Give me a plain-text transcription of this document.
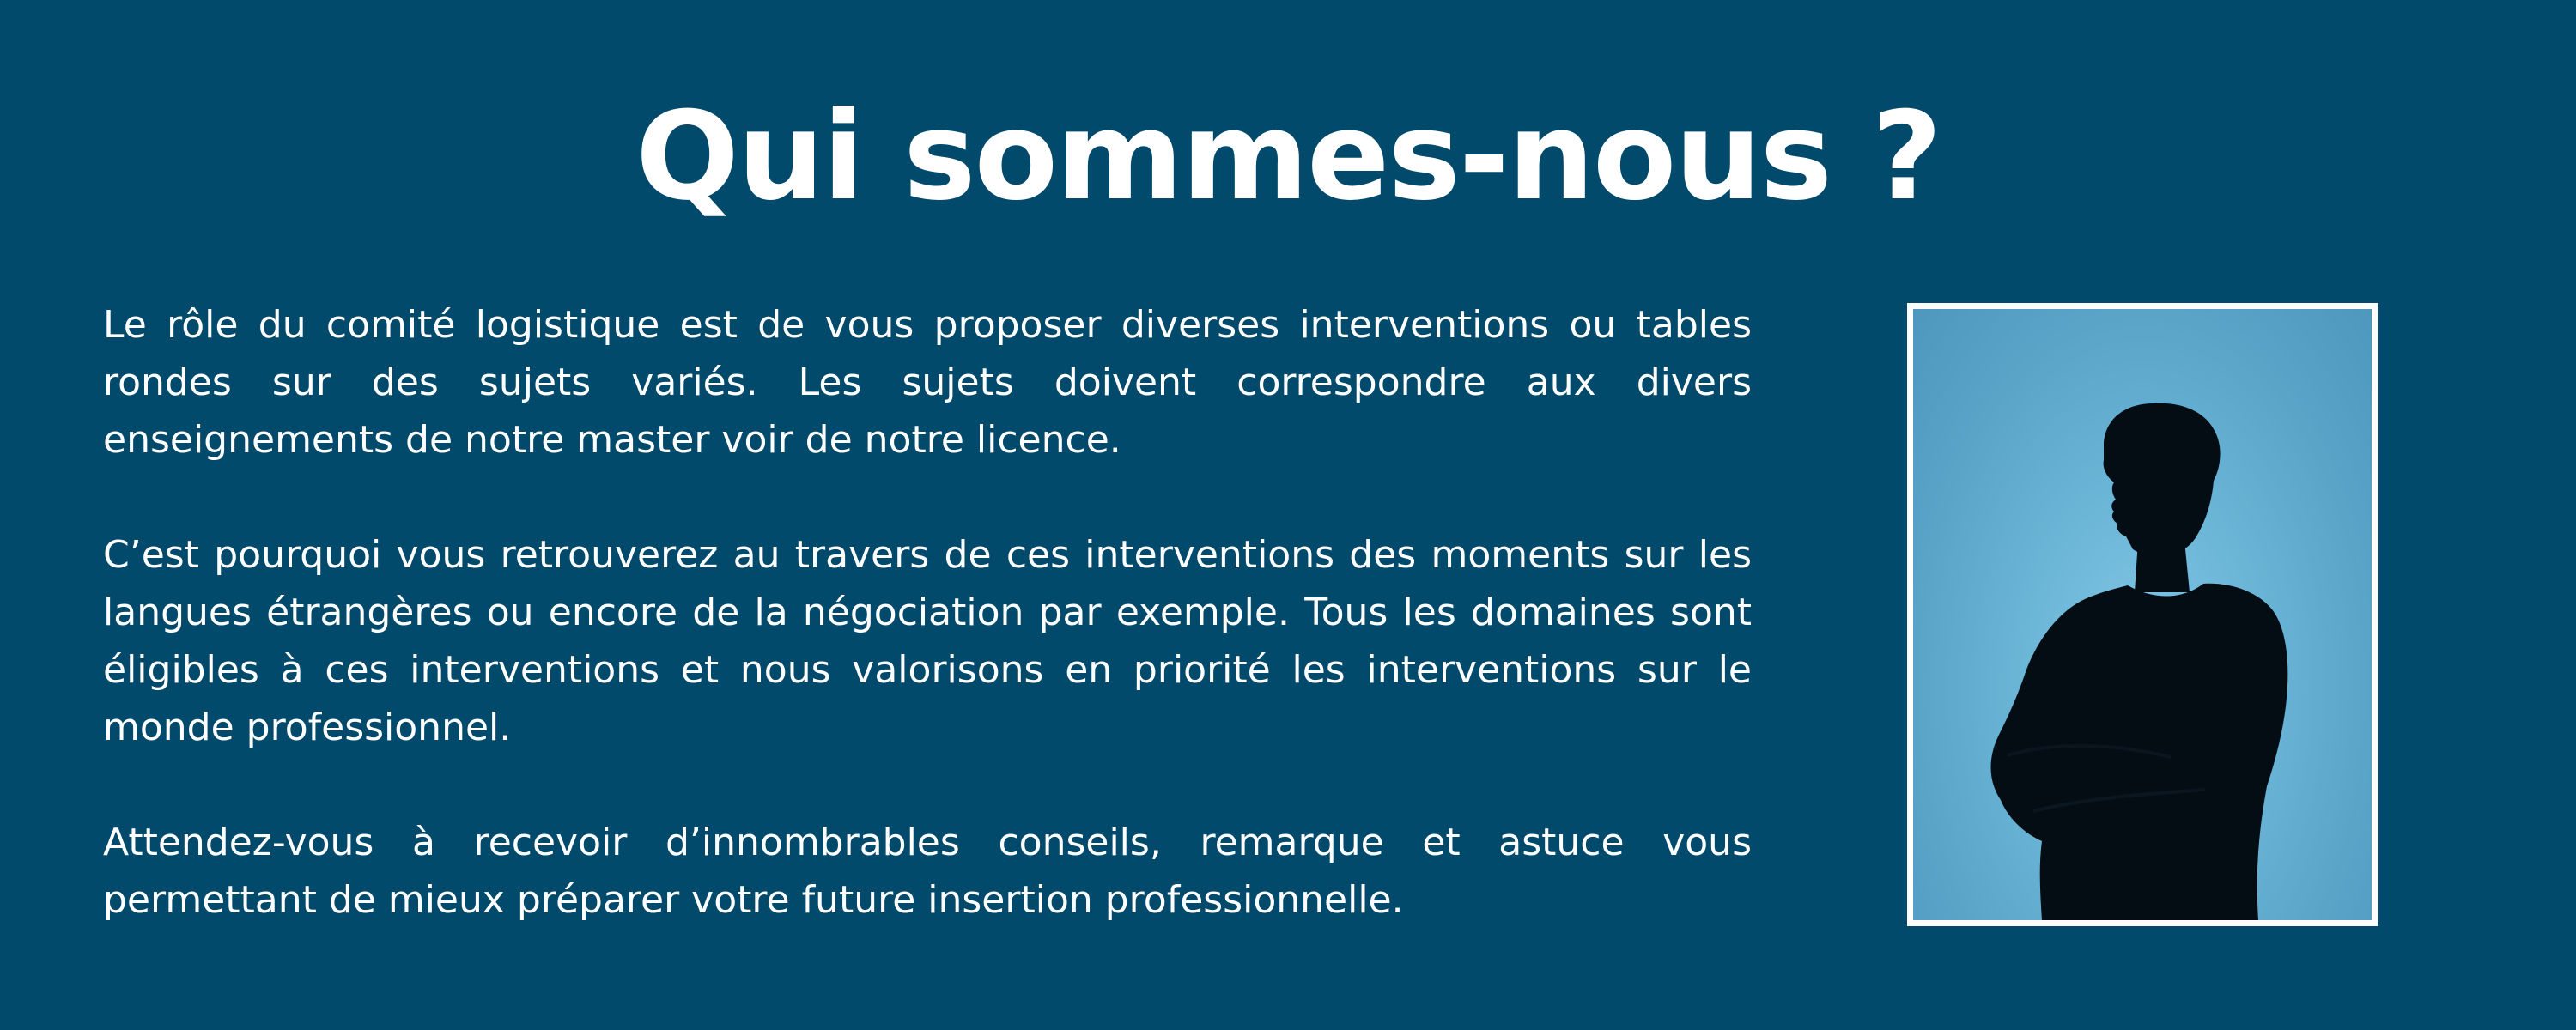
Qui sommes-nous ?

Le rôle du comité logistique est de vous proposer diverses interventions ou tables rondes sur des sujets variés. Les sujets doivent correspondre aux divers enseignements de notre master voir de notre licence.

C’est pourquoi vous retrouverez au travers de ces interventions des moments sur les langues étrangères ou encore de la négociation par exemple. Tous les domaines sont éligibles à ces interventions et nous valorisons en priorité les interventions sur le monde professionnel.

Attendez-vous à recevoir d’innombrables conseils, remarque et astuce vous permettant de mieux préparer votre future insertion professionnelle.
